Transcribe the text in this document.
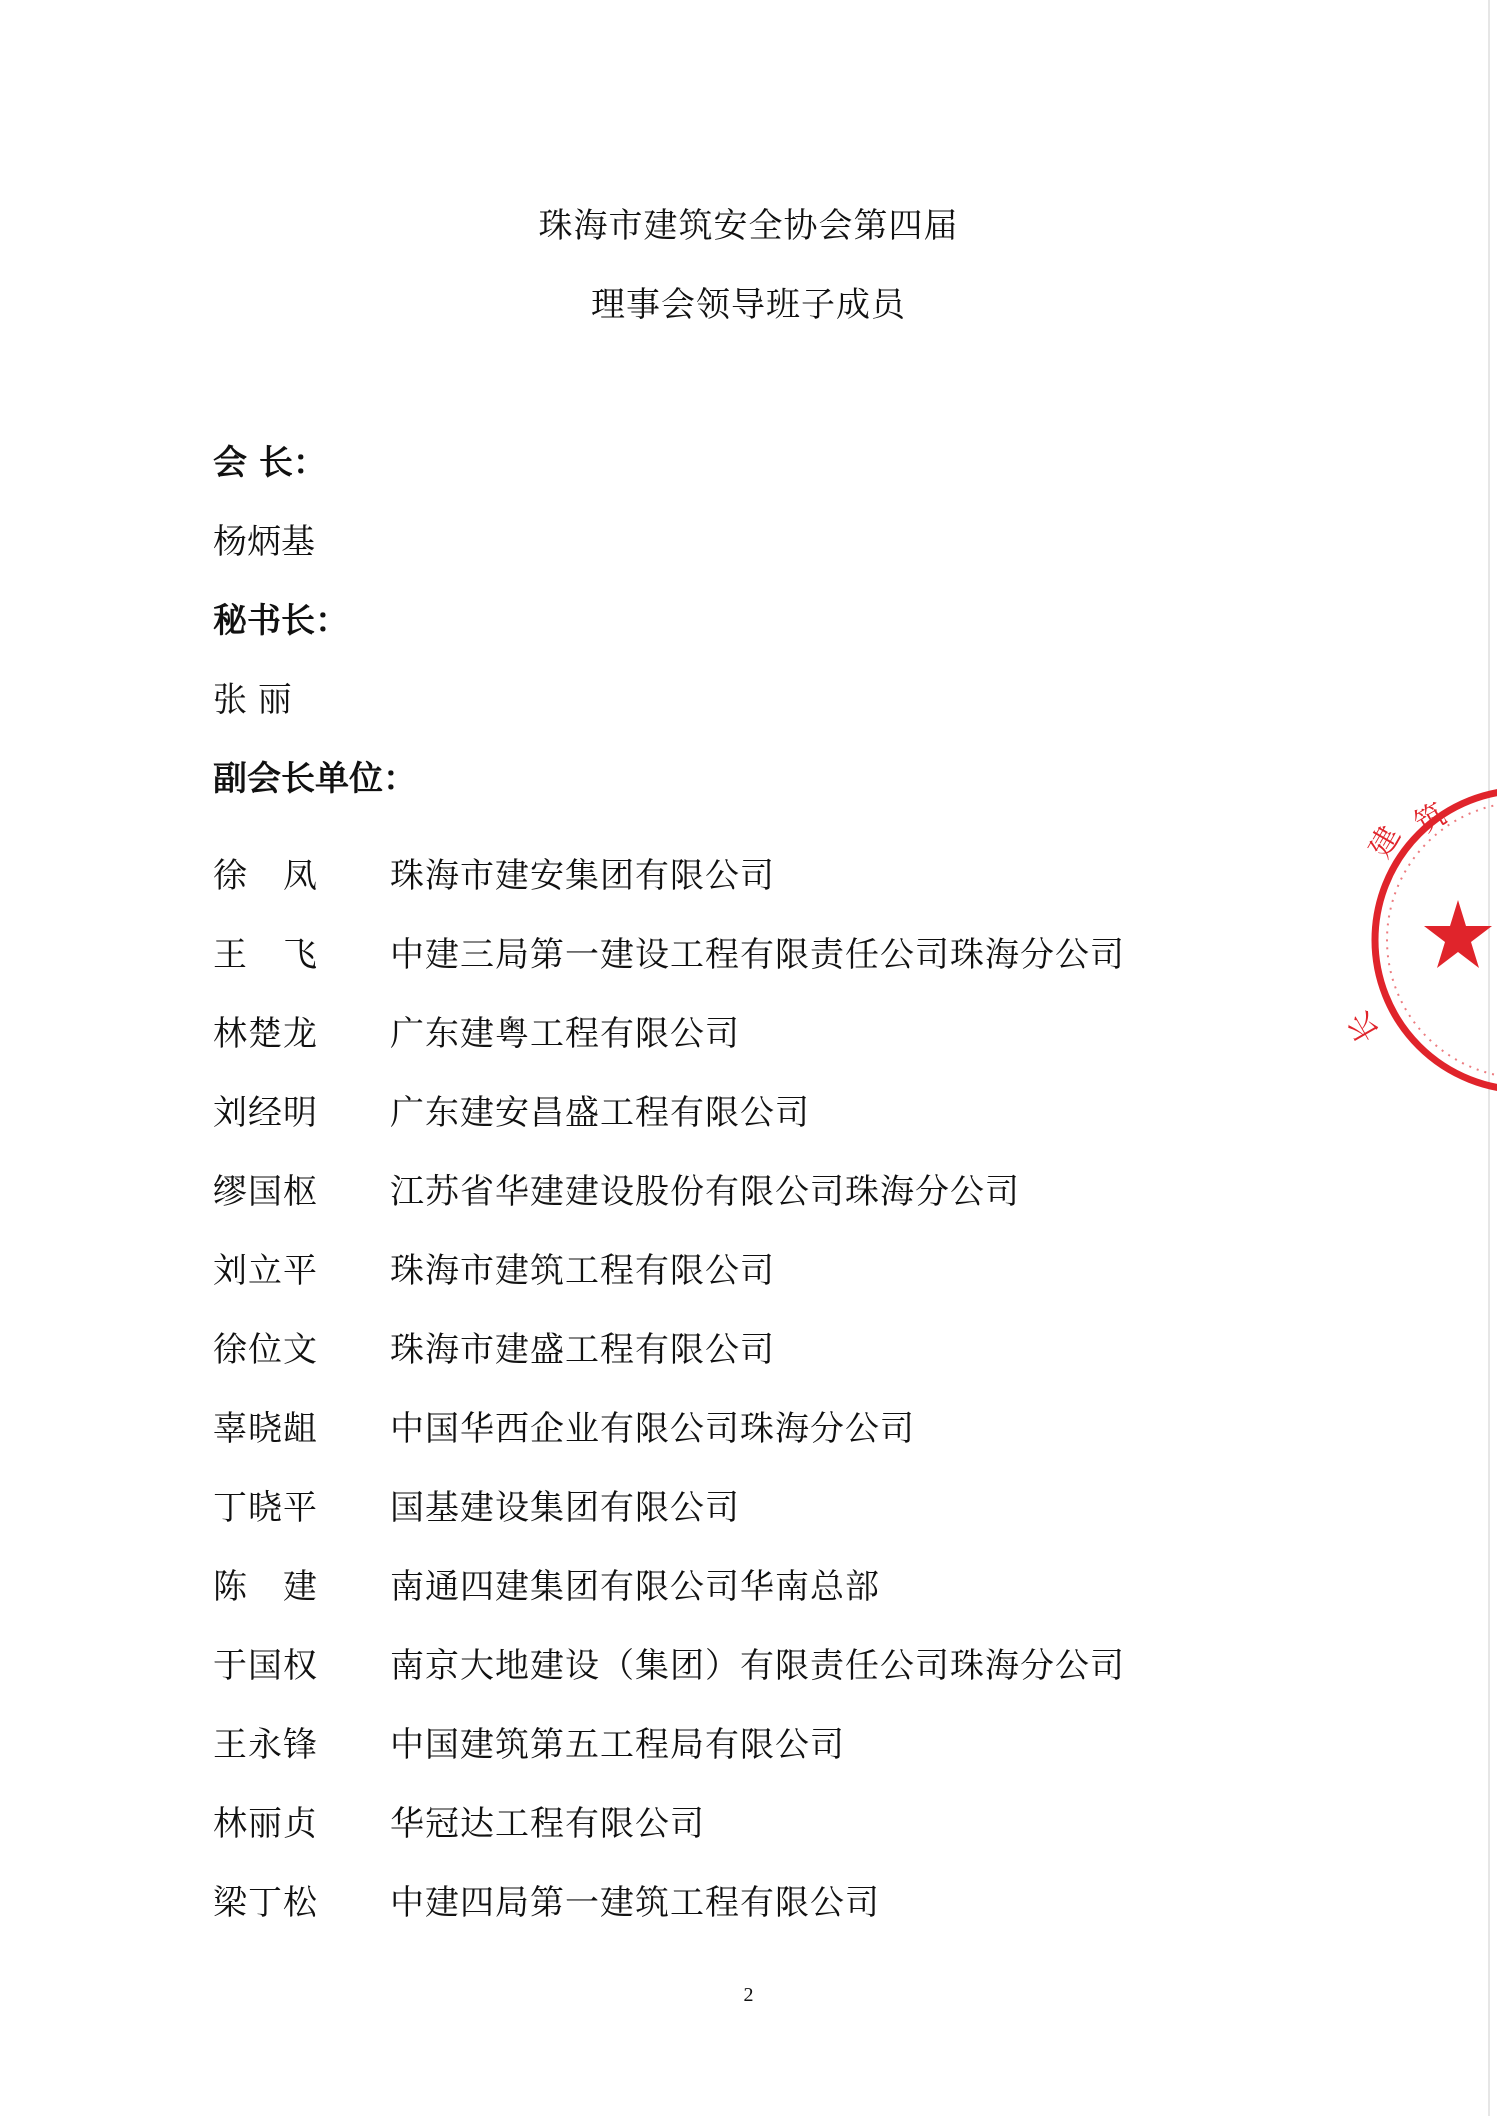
珠海市建筑安全协会第四届
理事会领导班子成员
会 长：
杨炳基
秘书长：
张 丽
副会长单位：
徐　凤	珠海市建安集团有限公司
王　飞	中建三局第一建设工程有限责任公司珠海分公司
林楚龙	广东建粤工程有限公司
刘经明	广东建安昌盛工程有限公司
缪国枢	江苏省华建建设股份有限公司珠海分公司
刘立平	珠海市建筑工程有限公司
徐位文	珠海市建盛工程有限公司
辜晓龃	中国华西企业有限公司珠海分公司
丁晓平	国基建设集团有限公司
陈　建	南通四建集团有限公司华南总部
于国权	南京大地建设（集团）有限责任公司珠海分公司
王永锋	中国建筑第五工程局有限公司
林丽贞	华冠达工程有限公司
梁丁松	中建四局第一建筑工程有限公司
2
建
筑
长
